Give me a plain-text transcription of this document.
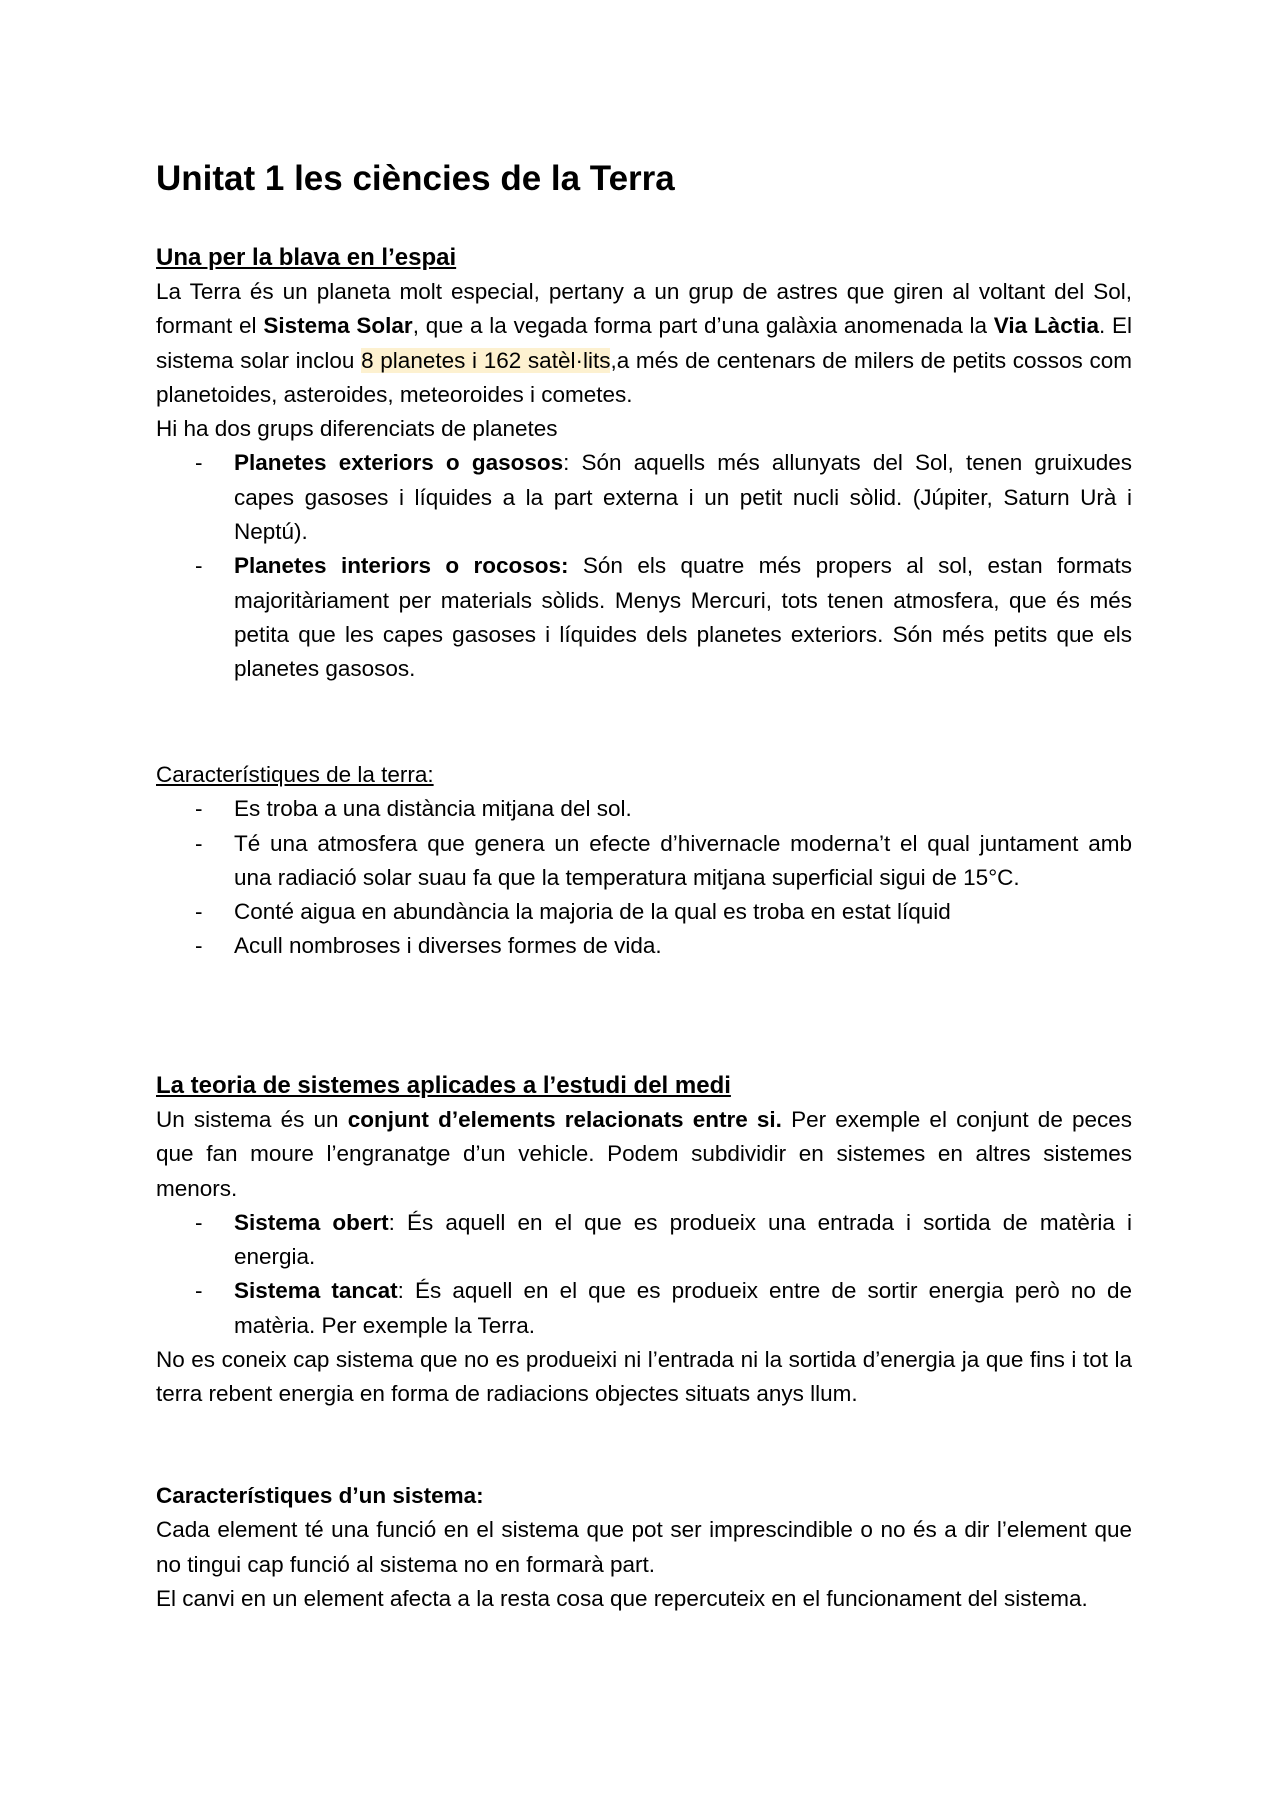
Unitat 1 les ciències de la Terra
Una per la blava en l’espai

La Terra és un planeta molt especial, pertany a un grup de astres que giren al voltant del Sol, formant el Sistema Solar, que a la vegada forma part d’una galàxia anomenada la Via Làctia. El sistema solar inclou 8 planetes i 162 satèl·lits,a més de centenars de milers de petits cossos com planetoides, asteroides, meteoroides i cometes.

Hi ha dos grups diferenciats de planetes

- Planetes exteriors o gasosos: Són aquells més allunyats del Sol, tenen gruixudes capes gasoses i líquides a la part externa i un petit nucli sòlid. (Júpiter, Saturn Urà i Neptú).
- Planetes interiors o rocosos: Són els quatre més propers al sol, estan formats majoritàriament per materials sòlids. Menys Mercuri, tots tenen atmosfera, que és més petita que les capes gasoses i líquides dels planetes exteriors. Són més petits que els planetes gasosos.

Característiques de la terra:

- Es troba a una distància mitjana del sol.
- Té una atmosfera que genera un efecte d’hivernacle moderna’t el qual juntament amb una radiació solar suau fa que la temperatura mitjana superficial sigui de 15°C.
- Conté aigua en abundància la majoria de la qual es troba en estat líquid
- Acull nombroses i diverses formes de vida.
La teoria de sistemes aplicades a l’estudi del medi

Un sistema és un conjunt d’elements relacionats entre si. Per exemple el conjunt de peces que fan moure l’engranatge d’un vehicle. Podem subdividir en sistemes en altres sistemes menors.

- Sistema obert: És aquell en el que es produeix una entrada i sortida de matèria i energia.
- Sistema tancat: És aquell en el que es produeix entre de sortir energia però no de matèria. Per exemple la Terra.

No es coneix cap sistema que no es produeixi ni l’entrada ni la sortida d’energia ja que fins i tot la terra rebent energia en forma de radiacions objectes situats anys llum.

Característiques d’un sistema:

Cada element té una funció en el sistema que pot ser imprescindible o no és a dir l’element que no tingui cap funció al sistema no en formarà part.

El canvi en un element afecta a la resta cosa que repercuteix en el funcionament del sistema.
